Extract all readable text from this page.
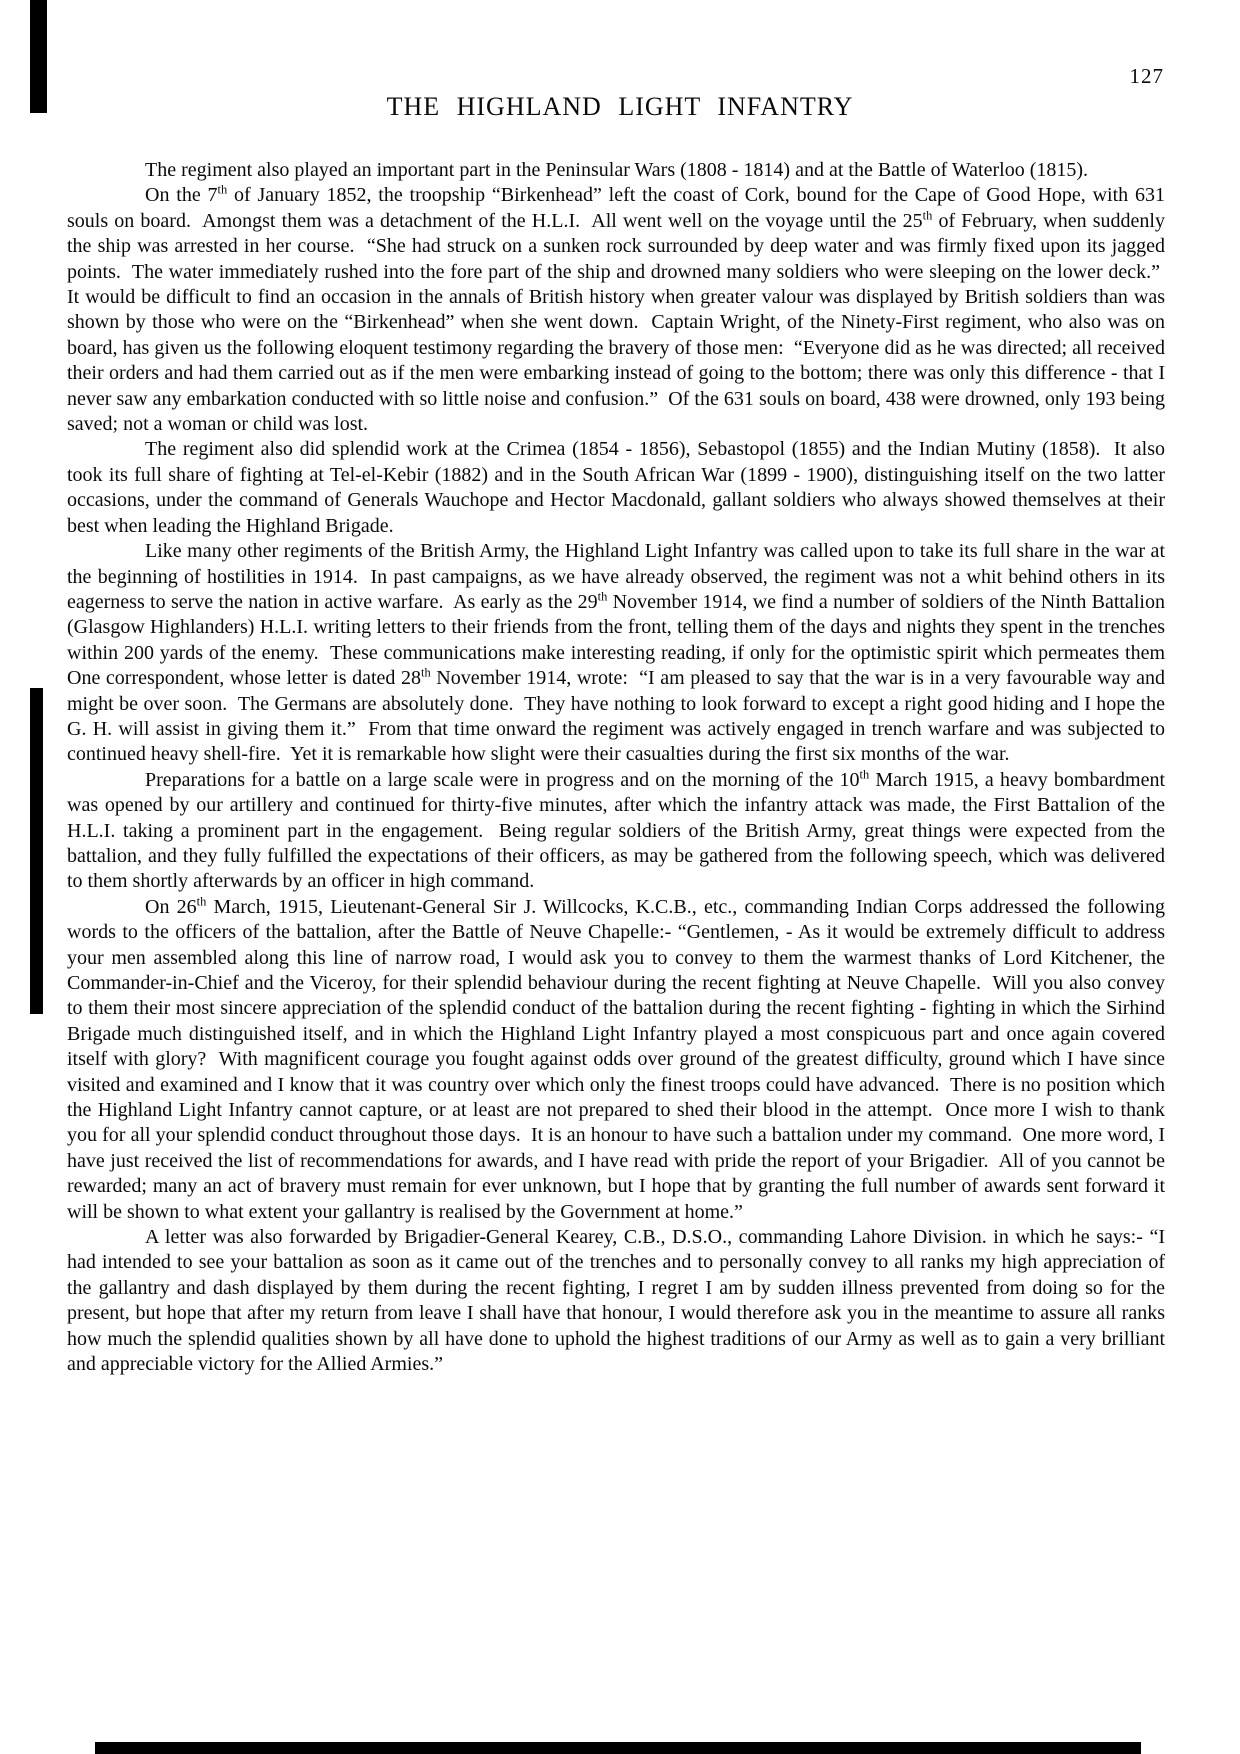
127
THE HIGHLAND LIGHT INFANTRY

The regiment also played an important part in the Peninsular Wars (1808 - 1814) and at the Battle of Waterloo (1815).

On the 7th of January 1852, the troopship “Birkenhead” left the coast of Cork, bound for the Cape of Good Hope, with 631 souls on board.  Amongst them was a detachment of the H.L.I.  All went well on the voyage until the 25th of February, when suddenly the ship was arrested in her course.  “She had struck on a sunken rock surrounded by deep water and was firmly fixed upon its jagged points.  The water immediately rushed into the fore part of the ship and drowned many soldiers who were sleeping on the lower deck.”  It would be difficult to find an occasion in the annals of British history when greater valour was displayed by British soldiers than was shown by those who were on the “Birkenhead” when she went down.  Captain Wright, of the Ninety-First regiment, who also was on board, has given us the following eloquent testimony regarding the bravery of those men:  “Everyone did as he was directed; all received their orders and had them carried out as if the men were embarking instead of going to the bottom; there was only this difference - that I never saw any embarkation conducted with so little noise and confusion.”  Of the 631 souls on board, 438 were drowned, only 193 being saved; not a woman or child was lost.

The regiment also did splendid work at the Crimea (1854 - 1856), Sebastopol (1855) and the Indian Mutiny (1858).  It also took its full share of fighting at Tel-el-Kebir (1882) and in the South African War (1899 - 1900), distinguishing itself on the two latter occasions, under the command of Generals Wauchope and Hector Macdonald, gallant soldiers who always showed themselves at their best when leading the Highland Brigade.

Like many other regiments of the British Army, the Highland Light Infantry was called upon to take its full share in the war at the beginning of hostilities in 1914.  In past campaigns, as we have already observed, the regiment was not a whit behind others in its eagerness to serve the nation in active warfare.  As early as the 29th November 1914, we find a number of soldiers of the Ninth Battalion (Glasgow Highlanders) H.L.I. writing letters to their friends from the front, telling them of the days and nights they spent in the trenches within 200 yards of the enemy.  These communications make interesting reading, if only for the optimistic spirit which permeates them One correspondent, whose letter is dated 28th November 1914, wrote:  “I am pleased to say that the war is in a very favourable way and might be over soon.  The Germans are absolutely done.  They have nothing to look forward to except a right good hiding and I hope the G. H. will assist in giving them it.”  From that time onward the regiment was actively engaged in trench warfare and was subjected to continued heavy shell-fire.  Yet it is remarkable how slight were their casualties during the first six months of the war.

Preparations for a battle on a large scale were in progress and on the morning of the 10th March 1915, a heavy bombardment was opened by our artillery and continued for thirty-five minutes, after which the infantry attack was made, the First Battalion of the H.L.I. taking a prominent part in the engagement.  Being regular soldiers of the British Army, great things were expected from the battalion, and they fully fulfilled the expectations of their officers, as may be gathered from the following speech, which was delivered to them shortly afterwards by an officer in high command.

On 26th March, 1915, Lieutenant-General Sir J. Willcocks, K.C.B., etc., commanding Indian Corps addressed the following words to the officers of the battalion, after the Battle of Neuve Chapelle:- “Gentlemen, - As it would be extremely difficult to address your men assembled along this line of narrow road, I would ask you to convey to them the warmest thanks of Lord Kitchener, the Commander-in-Chief and the Viceroy, for their splendid behaviour during the recent fighting at Neuve Chapelle.  Will you also convey to them their most sincere appreciation of the splendid conduct of the battalion during the recent fighting - fighting in which the Sirhind Brigade much distinguished itself, and in which the Highland Light Infantry played a most conspicuous part and once again covered itself with glory?  With magnificent courage you fought against odds over ground of the greatest difficulty, ground which I have since visited and examined and I know that it was country over which only the finest troops could have advanced.  There is no position which the Highland Light Infantry cannot capture, or at least are not prepared to shed their blood in the attempt.  Once more I wish to thank you for all your splendid conduct throughout those days.  It is an honour to have such a battalion under my command.  One more word, I have just received the list of recommendations for awards, and I have read with pride the report of your Brigadier.  All of you cannot be rewarded; many an act of bravery must remain for ever unknown, but I hope that by granting the full number of awards sent forward it will be shown to what extent your gallantry is realised by the Government at home.”

A letter was also forwarded by Brigadier-General Kearey, C.B., D.S.O., commanding Lahore Division. in which he says:- “I had intended to see your battalion as soon as it came out of the trenches and to personally convey to all ranks my high appreciation of the gallantry and dash displayed by them during the recent fighting, I regret I am by sudden illness prevented from doing so for the present, but hope that after my return from leave I shall have that honour, I would therefore ask you in the meantime to assure all ranks how much the splendid qualities shown by all have done to uphold the highest traditions of our Army as well as to gain a very brilliant and appreciable victory for the Allied Armies.”
